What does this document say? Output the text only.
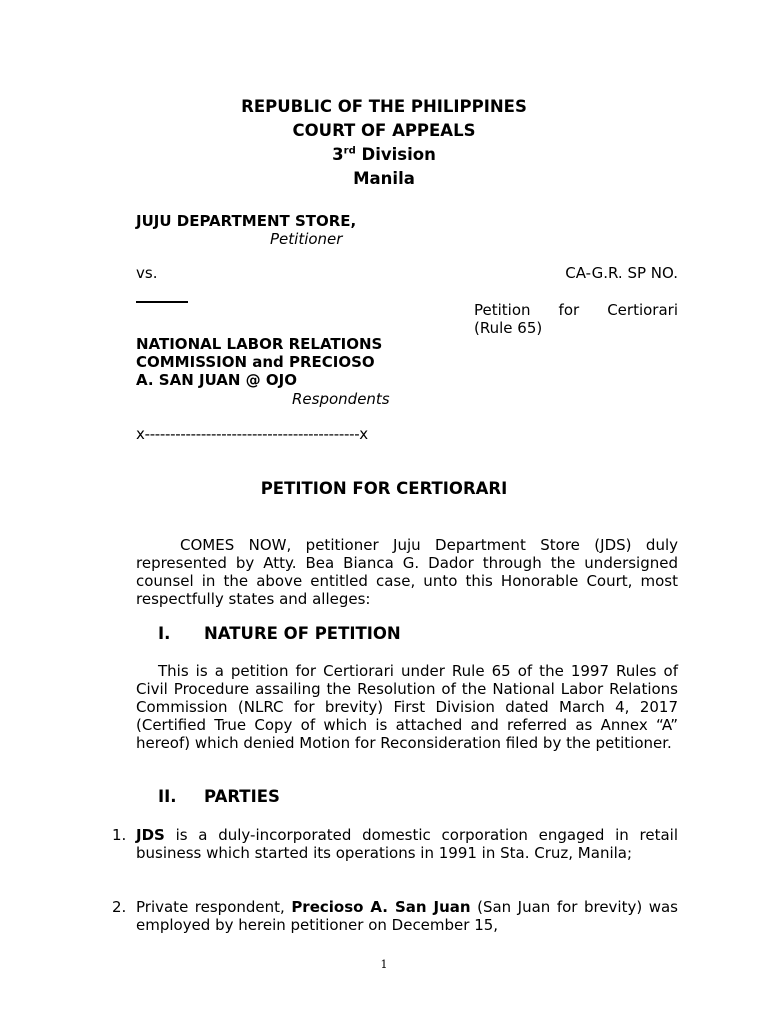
REPUBLIC OF THE PHILIPPINES
COURT OF APPEALS
3rd Division
Manila
JUJU DEPARTMENT STORE,
Petitioner
vs.	CA-G.R. SP NO.
Petition for Certiorari
(Rule 65)
NATIONAL LABOR RELATIONS
COMMISSION and PRECIOSO
A. SAN JUAN @ OJO
Respondents
x------------------------------------------x
PETITION FOR CERTIORARI

COMES NOW, petitioner Juju Department Store (JDS) duly represented by Atty. Bea Bianca G. Dador through the undersigned counsel in the above entitled case, unto this Honorable Court, most respectfully states and alleges:

I. NATURE OF PETITION

This is a petition for Certiorari under Rule 65 of the 1997 Rules of Civil Procedure assailing the Resolution of the National Labor Relations Commission (NLRC for brevity) First Division dated March 4, 2017 (Certified True Copy of which is attached and referred as Annex “A” hereof) which denied Motion for Reconsideration filed by the petitioner.

II. PARTIES
1. JDS is a duly-incorporated domestic corporation engaged in retail business which started its operations in 1991 in Sta. Cruz, Manila;

2. Private respondent, Precioso A. San Juan (San Juan for brevity) was employed by herein petitioner on December 15,

1
